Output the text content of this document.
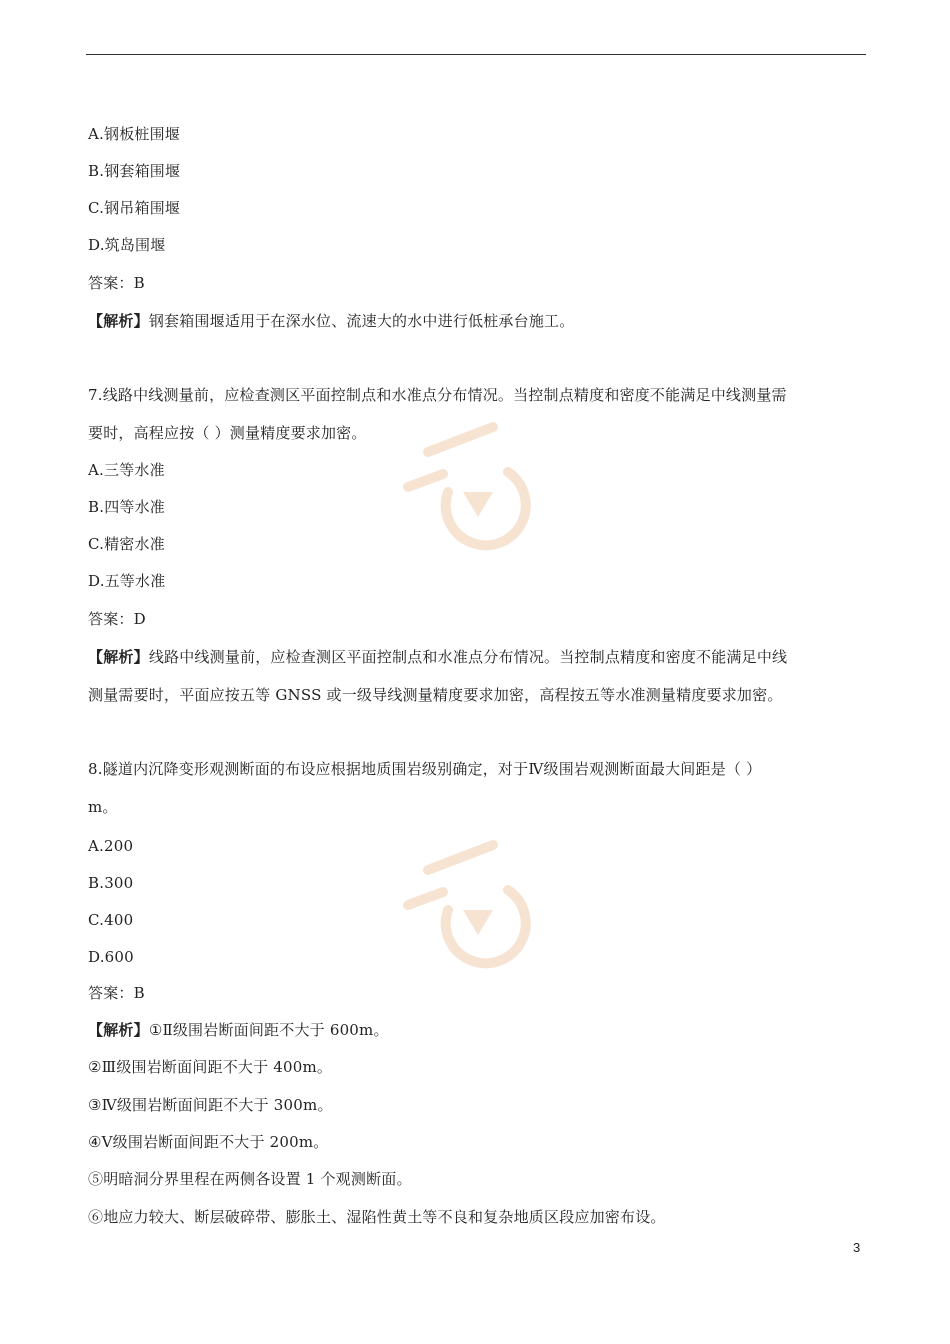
A.钢板桩围堰
B.钢套箱围堰
C.钢吊箱围堰
D.筑岛围堰
答案：B
【解析】钢套箱围堰适用于在深水位、流速大的水中进行低桩承台施工。
7.线路中线测量前，应检查测区平面控制点和水准点分布情况。当控制点精度和密度不能满足中线测量需
要时，高程应按（ ）测量精度要求加密。
A.三等水准
B.四等水准
C.精密水准
D.五等水准
答案：D
【解析】线路中线测量前，应检查测区平面控制点和水准点分布情况。当控制点精度和密度不能满足中线
测量需要时，平面应按五等 GNSS 或一级导线测量精度要求加密，高程按五等水准测量精度要求加密。
8.隧道内沉降变形观测断面的布设应根据地质围岩级别确定，对于Ⅳ级围岩观测断面最大间距是（ ）
m。
A.200
B.300
C.400
D.600
答案：B
【解析】①Ⅱ级围岩断面间距不大于 600m。
②Ⅲ级围岩断面间距不大于 400m。
③Ⅳ级围岩断面间距不大于 300m。
④Ⅴ级围岩断面间距不大于 200m。
⑤明暗洞分界里程在两侧各设置 1 个观测断面。
⑥地应力较大、断层破碎带、膨胀土、湿陷性黄土等不良和复杂地质区段应加密布设。
3
